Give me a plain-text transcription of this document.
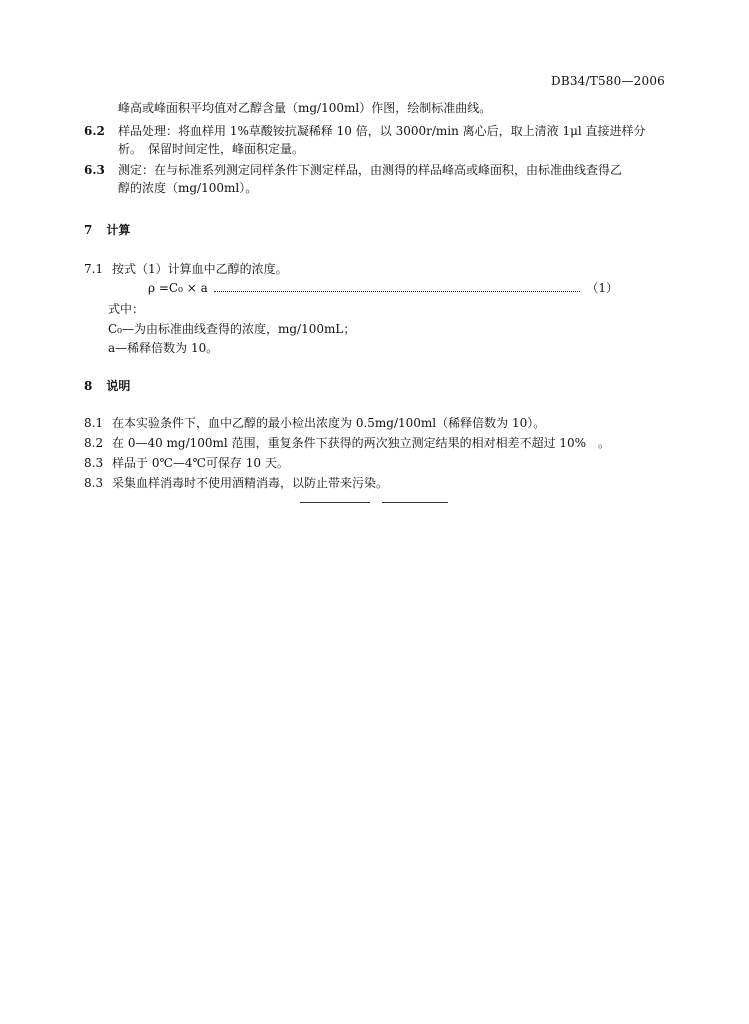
DB34/T580—2006
峰高或峰面积平均值对乙醇含量（mg/100ml）作图，绘制标准曲线。
6.2 样品处理：将血样用 1%草酸铵抗凝稀释 10 倍，以 3000r/min 离心后，取上清液 1μl 直接进样分
析。　保留时间定性，峰面积定量。
6.3 测定：在与标准系列测定同样条件下测定样品，由测得的样品峰高或峰面积，由标准曲线查得乙
醇的浓度（mg/100ml）。
7 计算
7.1 按式（1）计算血中乙醇的浓度。
ρ =C₀ × a	（1）
式中：
C₀—为由标准曲线查得的浓度，mg/100mL；
a—稀释倍数为 10。
8 说明
8.1 在本实验条件下，血中乙醇的最小检出浓度为 0.5mg/100ml（稀释倍数为 10）。
8.2 在 0—40 mg/100ml 范围，重复条件下获得的两次独立测定结果的相对相差不超过 10%　。
8.3 样品于 0℃—4℃可保存 10 天。
8.3 采集血样消毒时不使用酒精消毒，以防止带来污染。
